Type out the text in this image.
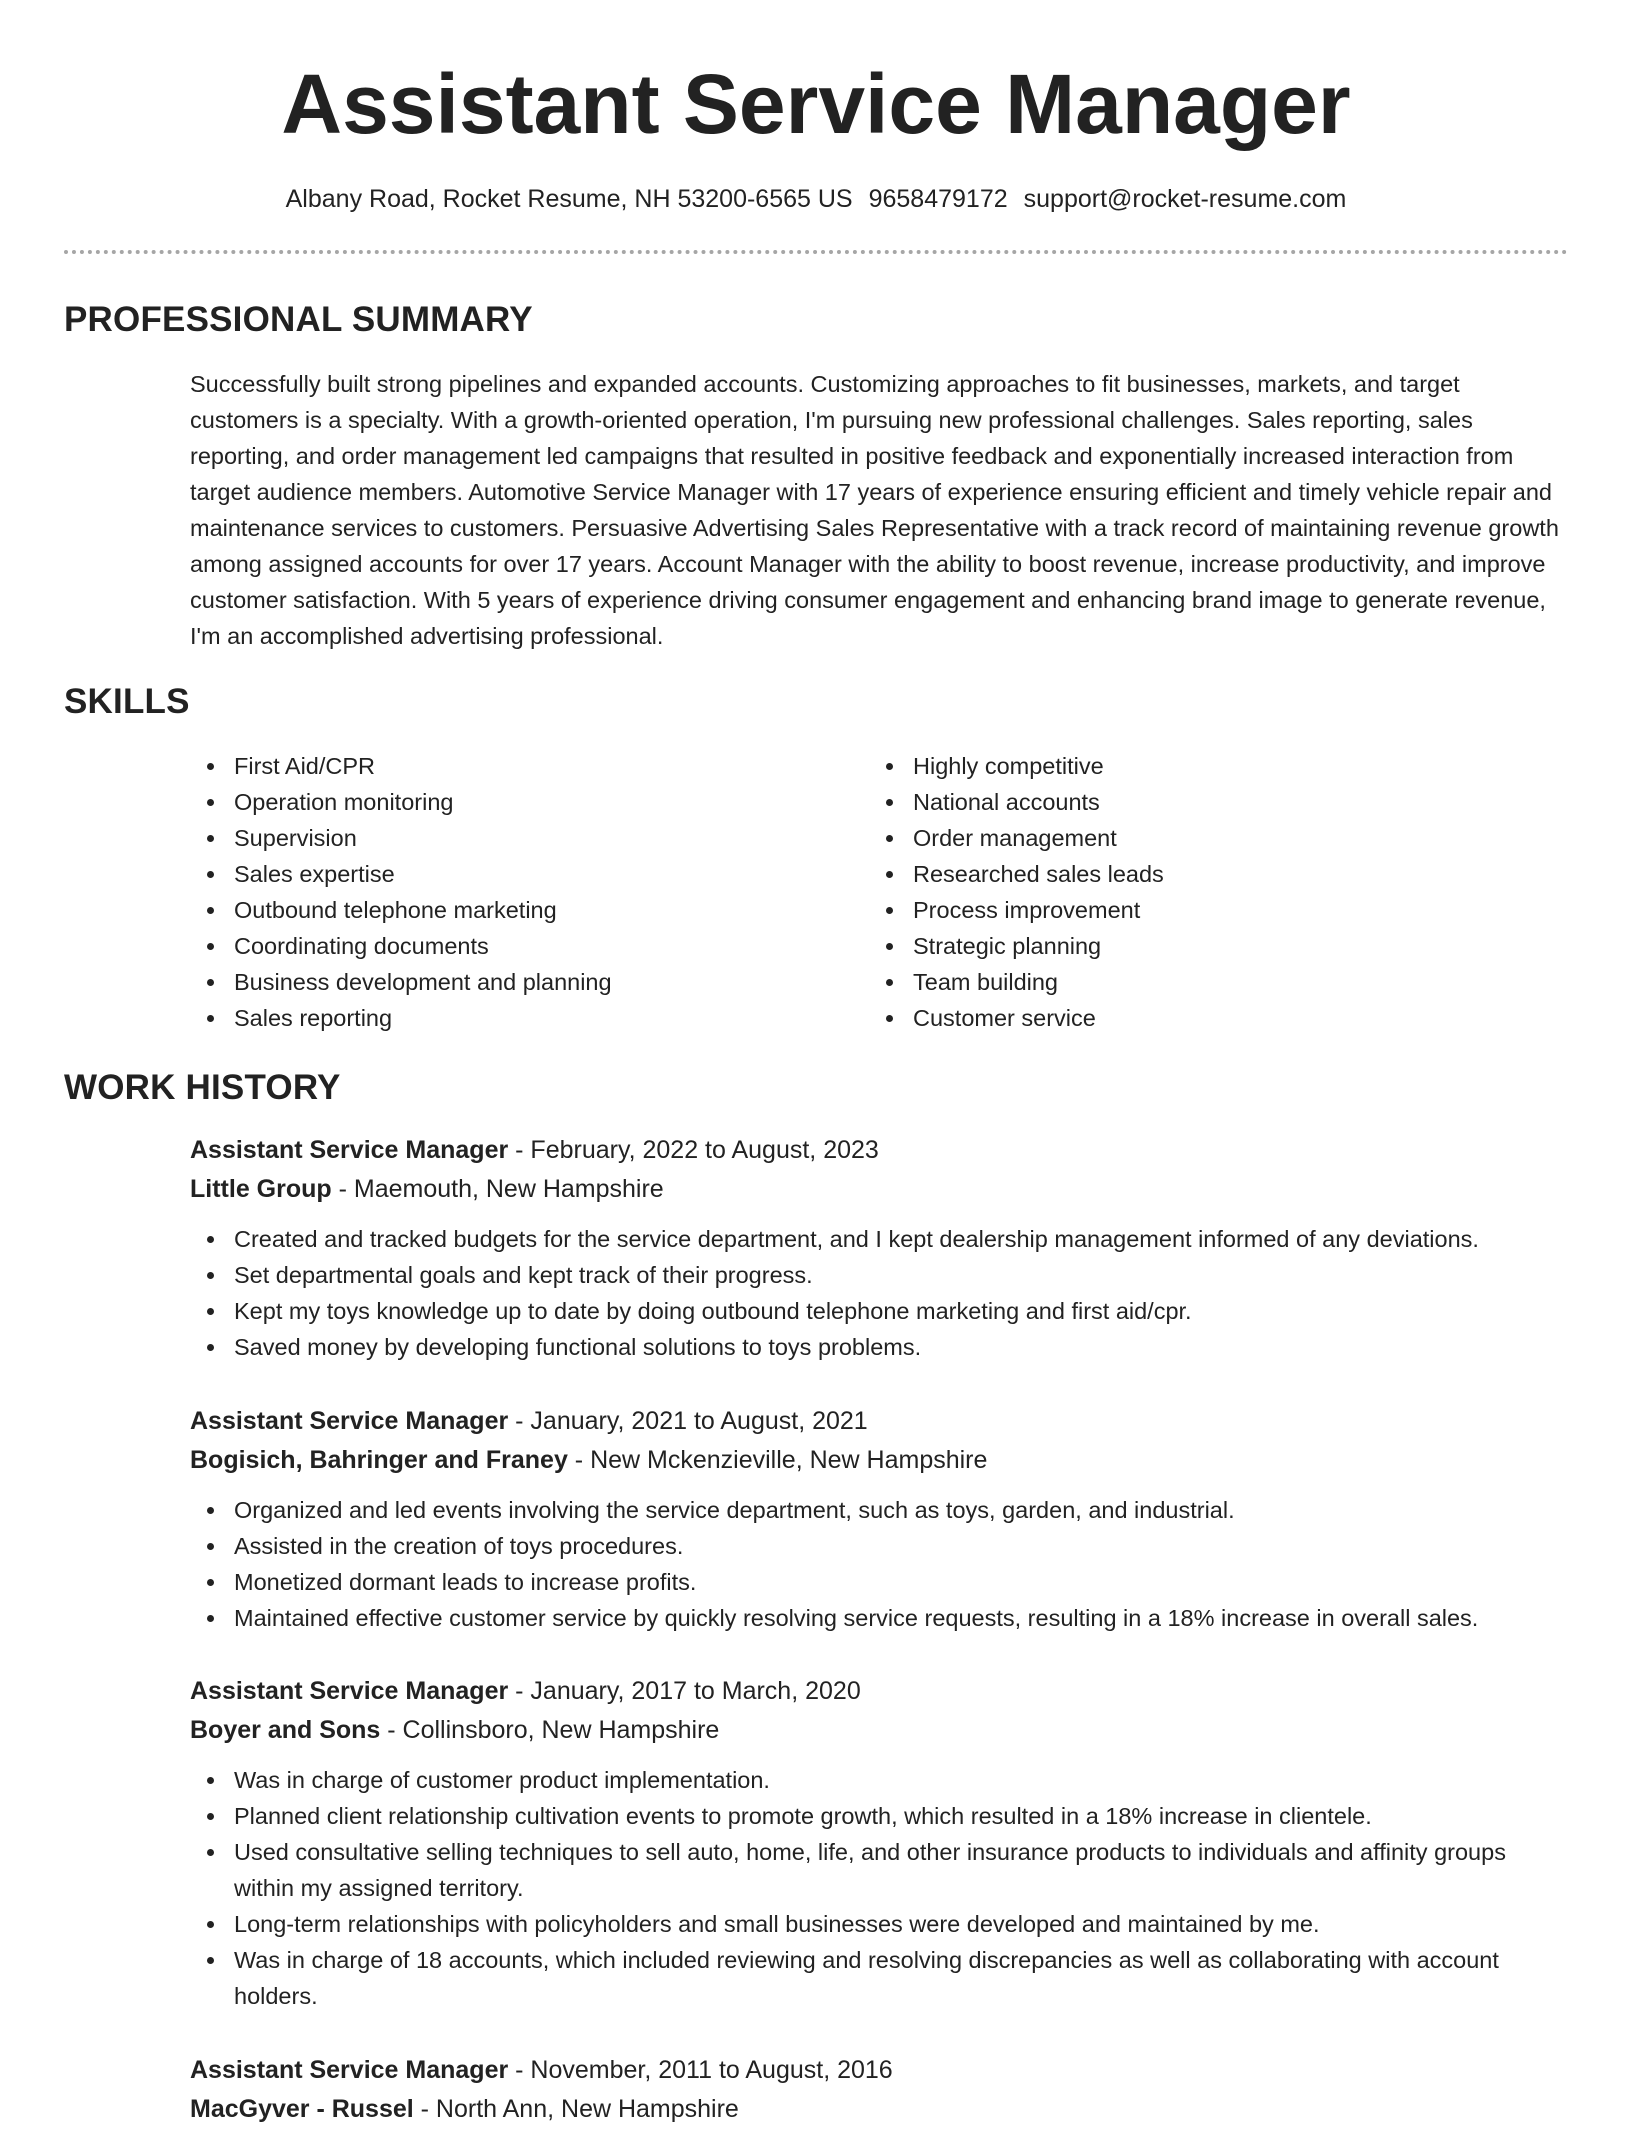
Assistant Service Manager
Albany Road, Rocket Resume, NH 53200-6565 US 9658479172 support@rocket-resume.com
PROFESSIONAL SUMMARY

Successfully built strong pipelines and expanded accounts. Customizing approaches to fit businesses, markets, and target customers is a specialty. With a growth-oriented operation, I'm pursuing new professional challenges. Sales reporting, sales reporting, and order management led campaigns that resulted in positive feedback and exponentially increased interaction from target audience members. Automotive Service Manager with 17 years of experience ensuring efficient and timely vehicle repair and maintenance services to customers. Persuasive Advertising Sales Representative with a track record of maintaining revenue growth among assigned accounts for over 17 years. Account Manager with the ability to boost revenue, increase productivity, and improve customer satisfaction. With 5 years of experience driving consumer engagement and enhancing brand image to generate revenue, I'm an accomplished advertising professional.

SKILLS
First Aid/CPR
Operation monitoring
Supervision
Sales expertise
Outbound telephone marketing
Coordinating documents
Business development and planning
Sales reporting
Highly competitive
National accounts
Order management
Researched sales leads
Process improvement
Strategic planning
Team building
Customer service
WORK HISTORY
Assistant Service Manager - February, 2022 to August, 2023
Little Group - Maemouth, New Hampshire
Created and tracked budgets for the service department, and I kept dealership management informed of any deviations.
Set departmental goals and kept track of their progress.
Kept my toys knowledge up to date by doing outbound telephone marketing and first aid/cpr.
Saved money by developing functional solutions to toys problems.
Assistant Service Manager - January, 2021 to August, 2021
Bogisich, Bahringer and Franey - New Mckenzieville, New Hampshire
Organized and led events involving the service department, such as toys, garden, and industrial.
Assisted in the creation of toys procedures.
Monetized dormant leads to increase profits.
Maintained effective customer service by quickly resolving service requests, resulting in a 18% increase in overall sales.
Assistant Service Manager - January, 2017 to March, 2020
Boyer and Sons - Collinsboro, New Hampshire
Was in charge of customer product implementation.
Planned client relationship cultivation events to promote growth, which resulted in a 18% increase in clientele.
Used consultative selling techniques to sell auto, home, life, and other insurance products to individuals and affinity groups within my assigned territory.
Long-term relationships with policyholders and small businesses were developed and maintained by me.
Was in charge of 18 accounts, which included reviewing and resolving discrepancies as well as collaborating with account holders.
Assistant Service Manager - November, 2011 to August, 2016
MacGyver - Russel - North Ann, New Hampshire
